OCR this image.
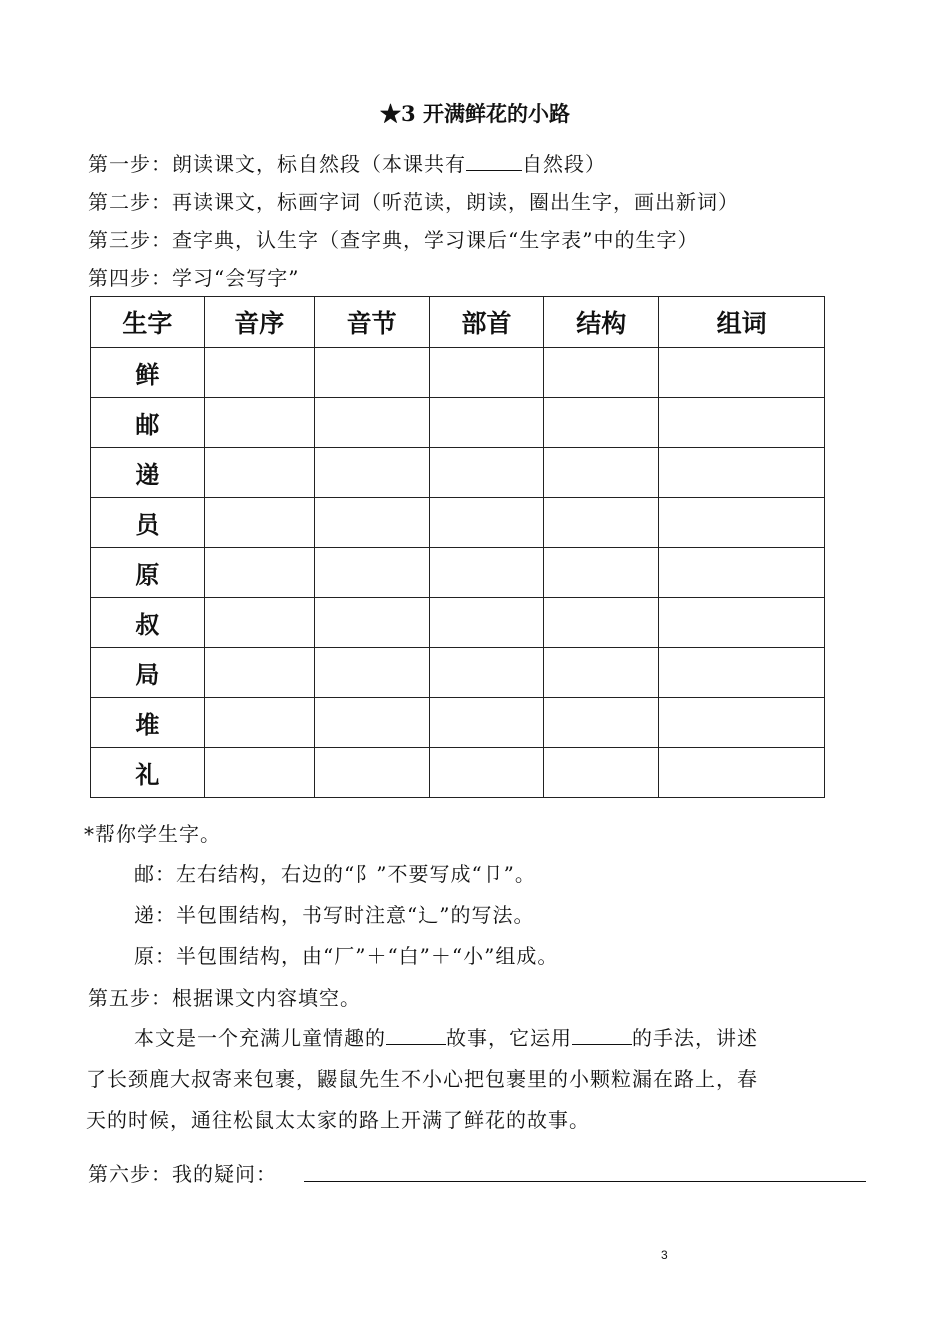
★3 开满鲜花的小路
第一步：朗读课文，标自然段（本课共有	自然段）
第二步：再读课文，标画字词（听范读，朗读，圈出生字，画出新词）
第三步：查字典，认生字（查字典，学习课后“生字表”中的生字）
第四步：学习“会写字”
生字	音序	音节	部首	结构	组词
鲜					
邮					
递					
员					
原					
叔					
局					
堆					
礼					
*帮你学生字。
邮：左右结构，右边的“阝”不要写成“卩”。
递：半包围结构，书写时注意“辶”的写法。
原：半包围结构，由“厂”＋“白”＋“小”组成。
第五步：根据课文内容填空。
本文是一个充满儿童情趣的	故事，它运用	的手法，讲述
了长颈鹿大叔寄来包裹，鼹鼠先生不小心把包裹里的小颗粒漏在路上，春
天的时候，通往松鼠太太家的路上开满了鲜花的故事。
第六步：我的疑问：
3
